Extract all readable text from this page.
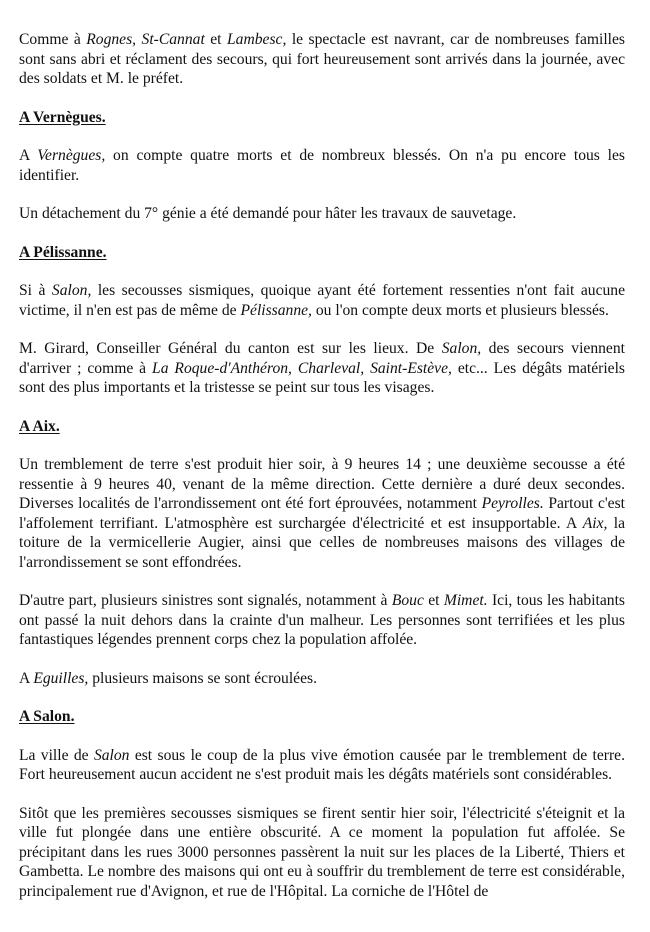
Comme à Rognes, St-Cannat et Lambesc, le spectacle est navrant, car de nombreuses familles sont sans abri et réclament des secours, qui fort heureusement sont arrivés dans la journée, avec des soldats et M. le préfet.

A Vernègues.

A Vernègues, on compte quatre morts et de nombreux blessés. On n'a pu encore tous les identifier.

Un détachement du 7° génie a été demandé pour hâter les travaux de sauvetage.

A Pélissanne.

Si à Salon, les secousses sismiques, quoique ayant été fortement ressenties n'ont fait aucune victime, il n'en est pas de même de Pélissanne, ou l'on compte deux morts et plusieurs blessés.

M. Girard, Conseiller Général du canton est sur les lieux. De Salon, des secours viennent d'arriver ; comme à La Roque-d'Anthéron, Charleval, Saint-Estève, etc... Les dégâts matériels sont des plus importants et la tristesse se peint sur tous les visages.

A Aix.

Un tremblement de terre s'est produit hier soir, à 9 heures 14 ; une deuxième secousse a été ressentie à 9 heures 40, venant de la même direction. Cette dernière a duré deux secondes. Diverses localités de l'arrondissement ont été fort éprouvées, notamment Peyrolles. Partout c'est l'affolement terrifiant. L'atmosphère est surchargée d'électricité et est insupportable. A Aix, la toiture de la vermicellerie Augier, ainsi que celles de nombreuses maisons des villages de l'arrondissement se sont effondrées.

D'autre part, plusieurs sinistres sont signalés, notamment à Bouc et Mimet. Ici, tous les habitants ont passé la nuit dehors dans la crainte d'un malheur. Les personnes sont terrifiées et les plus fantastiques légendes prennent corps chez la population affolée.

A Eguilles, plusieurs maisons se sont écroulées.

A Salon.

La ville de Salon est sous le coup de la plus vive émotion causée par le tremblement de terre. Fort heureusement aucun accident ne s'est produit mais les dégâts matériels sont considérables.

Sitôt que les premières secousses sismiques se firent sentir hier soir, l'électricité s'éteignit et la ville fut plongée dans une entière obscurité. A ce moment la population fut affolée. Se précipitant dans les rues 3000 personnes passèrent la nuit sur les places de la Liberté, Thiers et Gambetta. Le nombre des maisons qui ont eu à souffrir du tremblement de terre est considérable, principalement rue d'Avignon, et rue de l'Hôpital. La corniche de l'Hôtel de
